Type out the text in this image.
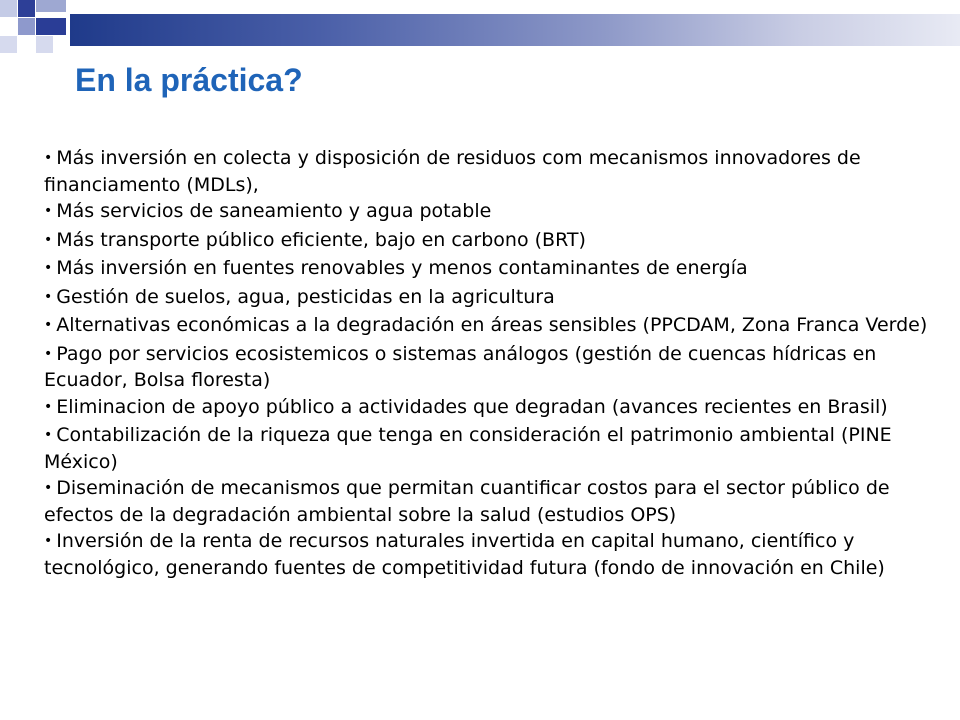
En la práctica?
• Más inversión en colecta y disposición de residuos com mecanismos innovadores de financiamento (MDLs),
• Más servicios de saneamiento y agua potable
• Más transporte público eficiente, bajo en carbono (BRT)
• Más inversión en fuentes renovables y menos contaminantes de energía
• Gestión de suelos, agua, pesticidas en la agricultura
• Alternativas económicas a la degradación en áreas sensibles (PPCDAM, Zona Franca Verde)
• Pago por servicios ecosistemicos o sistemas análogos (gestión de cuencas hídricas en Ecuador, Bolsa floresta)
• Eliminacion de apoyo público a actividades que degradan (avances recientes en Brasil)
• Contabilización de la riqueza que tenga en consideración el patrimonio ambiental (PINE México)
• Diseminación de mecanismos que permitan cuantificar costos para el sector público de efectos de la degradación ambiental sobre la salud (estudios OPS)
• Inversión de la renta de recursos naturales invertida en capital humano, científico y tecnológico, generando fuentes de competitividad futura (fondo de innovación en Chile)
